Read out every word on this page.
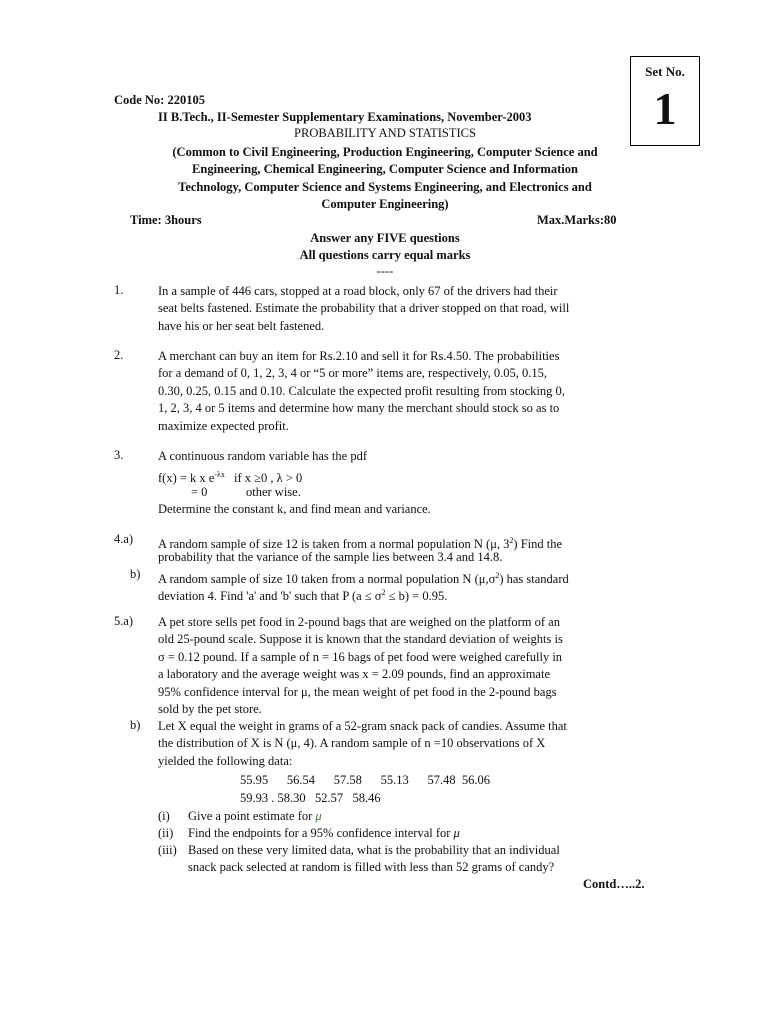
Set No.
1
Code No: 220105
II B.Tech., II-Semester Supplementary Examinations, November-2003
PROBABILITY AND STATISTICS
(Common to Civil Engineering, Production Engineering, Computer Science and
Engineering, Chemical Engineering, Computer Science and Information
Technology, Computer Science and Systems Engineering, and Electronics and
Computer Engineering)
Time: 3hours	Max.Marks:80
Answer any FIVE questions
All questions carry equal marks
----
1.	In a sample of 446 cars, stopped at a road block, only 67 of the drivers had their
seat belts fastened. Estimate the probability that a driver stopped on that road, will
have his or her seat belt fastened.
2.	A merchant can buy an item for Rs.2.10 and sell it for Rs.4.50. The probabilities
for a demand of 0, 1, 2, 3, 4 or “5 or more” items are, respectively, 0.05, 0.15,
0.30, 0.25, 0.15 and 0.10. Calculate the expected profit resulting from stocking 0,
1, 2, 3, 4 or 5 items and determine how many the merchant should stock so as to
maximize expected profit.
3.	A continuous random variable has the pdf
f(x) = k x $e^{-\lambda x}$ if x ≥0 , λ > 0
= 0	other wise.
Determine the constant k, and find mean and variance.
4.a) A random sample of size 12 is taken from a normal population N (μ, $3^2$) Find the
probability that the variance of the sample lies between 3.4 and 14.8.
b) A random sample of size 10 taken from a normal population N $(\mu,\sigma^2)$ has standard
deviation 4. Find 'a' and 'b' such that P $(a \le \sigma^2 \le b) = 0.95$.
5.a) A pet store sells pet food in 2-pound bags that are weighed on the platform of an
old 25-pound scale. Suppose it is known that the standard deviation of weights is
σ = 0.12 pound. If a sample of n = 16 bags of pet food were weighed carefully in
a laboratory and the average weight was x = 2.09 pounds, find an approximate
95% confidence interval for μ, the mean weight of pet food in the 2-pound bags
sold by the pet store.
b) Let X equal the weight in grams of a 52-gram snack pack of candies. Assume that
the distribution of X is N (μ, 4). A random sample of n =10 observations of X
yielded the following data:
55.95      56.54      57.58      55.13      57.48  56.06
59.93 . 58.30   52.57   58.46
(i) Give a point estimate for μ
(ii) Find the endpoints for a 95% confidence interval for μ
(iii) Based on these very limited data, what is the probability that an individual
snack pack selected at random is filled with less than 52 grams of candy?
Contd…..2.
